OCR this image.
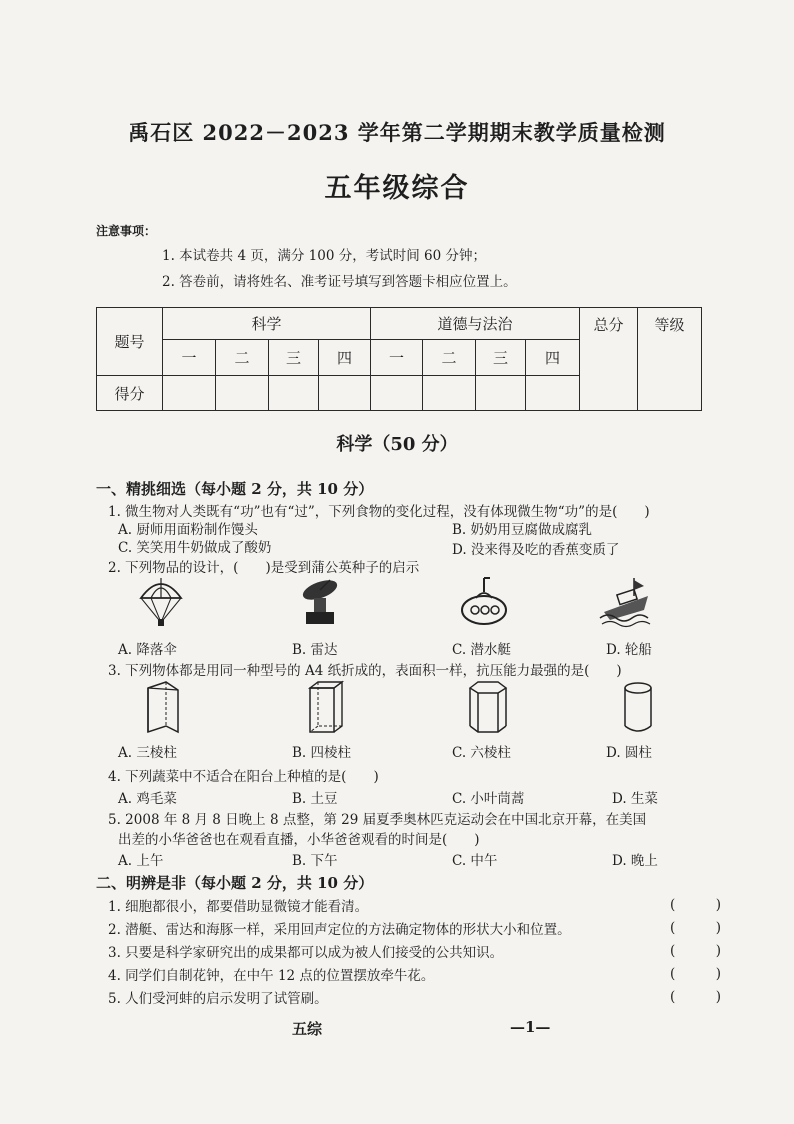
禹石区 2022－2023 学年第二学期期末教学质量检测
五年级综合
注意事项：
1. 本试卷共 4 页，满分 100 分，考试时间 60 分钟；
2. 答卷前，请将姓名、准考证号填写到答题卡相应位置上。
题号	科学				道德与法治				总分	等级
	一	二	三	四	一	二	三	四		
得分										
科学（50 分）
一、精挑细选（每小题 2 分，共 10 分）
1. 微生物对人类既有“功”也有“过”，下列食物的变化过程，没有体现微生物“功”的是(　　)
A. 厨师用面粉制作馒头	B. 奶奶用豆腐做成腐乳
C. 笑笑用牛奶做成了酸奶	D. 没来得及吃的香蕉变质了
2. 下列物品的设计，(　　)是受到蒲公英种子的启示
A. 降落伞	B. 雷达	C. 潜水艇	D. 轮船
3. 下列物体都是用同一种型号的 A4 纸折成的，表面积一样，抗压能力最强的是(　　)
A. 三棱柱	B. 四棱柱	C. 六棱柱	D. 圆柱
4. 下列蔬菜中不适合在阳台上种植的是(　　)
A. 鸡毛菜	B. 土豆	C. 小叶茼蒿	D. 生菜
5. 2008 年 8 月 8 日晚上 8 点整，第 29 届夏季奥林匹克运动会在中国北京开幕，在美国
出差的小华爸爸也在观看直播，小华爸爸观看的时间是(　　)
A. 上午	B. 下午	C. 中午	D. 晚上
二、明辨是非（每小题 2 分，共 10 分）
1. 细胞都很小，都要借助显微镜才能看清。	(　　　)
2. 潜艇、雷达和海豚一样，采用回声定位的方法确定物体的形状大小和位置。	(　　　)
3. 只要是科学家研究出的成果都可以成为被人们接受的公共知识。	(　　　)
4. 同学们自制花钟，在中午 12 点的位置摆放牵牛花。	(　　　)
5. 人们受河蚌的启示发明了试管刷。	(　　　)
五综	—1—
